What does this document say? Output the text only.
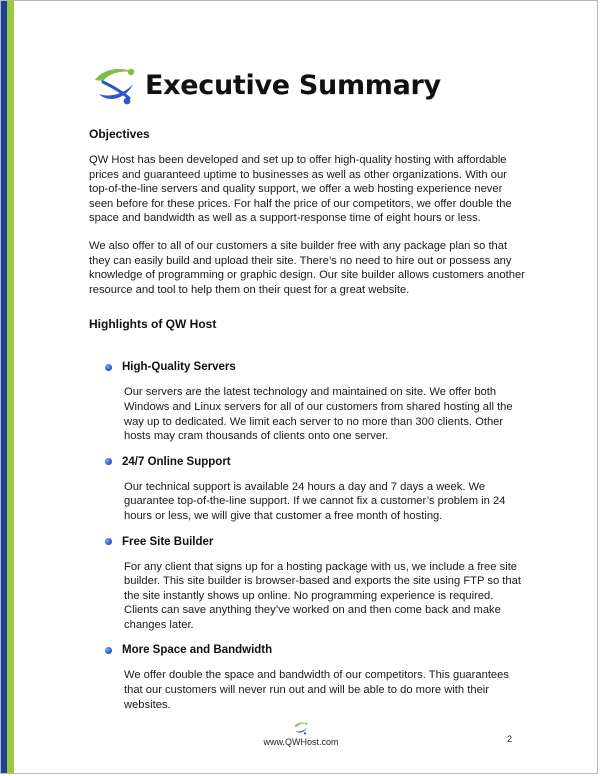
Executive Summary
Objectives

QW Host has been developed and set up to offer high-quality hosting with affordable prices and guaranteed uptime to businesses as well as other organizations. With our top-of-the-line servers and quality support, we offer a web hosting experience never seen before for these prices. For half the price of our competitors, we offer double the space and bandwidth as well as a support-response time of eight hours or less.

We also offer to all of our customers a site builder free with any package plan so that they can easily build and upload their site. There’s no need to hire out or possess any knowledge of programming or graphic design. Our site builder allows customers another resource and tool to help them on their quest for a great website.

Highlights of QW Host
High-Quality Servers

Our servers are the latest technology and maintained on site. We offer both Windows and Linux servers for all of our customers from shared hosting all the way up to dedicated. We limit each server to no more than 300 clients. Other hosts may cram thousands of clients onto one server.

24/7 Online Support

Our technical support is available 24 hours a day and 7 days a week. We guarantee top-of-the-line support. If we cannot fix a customer’s problem in 24 hours or less, we will give that customer a free month of hosting.

Free Site Builder

For any client that signs up for a hosting package with us, we include a free site builder. This site builder is browser-based and exports the site using FTP so that the site instantly shows up online. No programming experience is required. Clients can save anything they’ve worked on and then come back and make changes later.

More Space and Bandwidth

We offer double the space and bandwidth of our competitors. This guarantees that our customers will never run out and will be able to do more with their websites.

www.QWHost.com	2
